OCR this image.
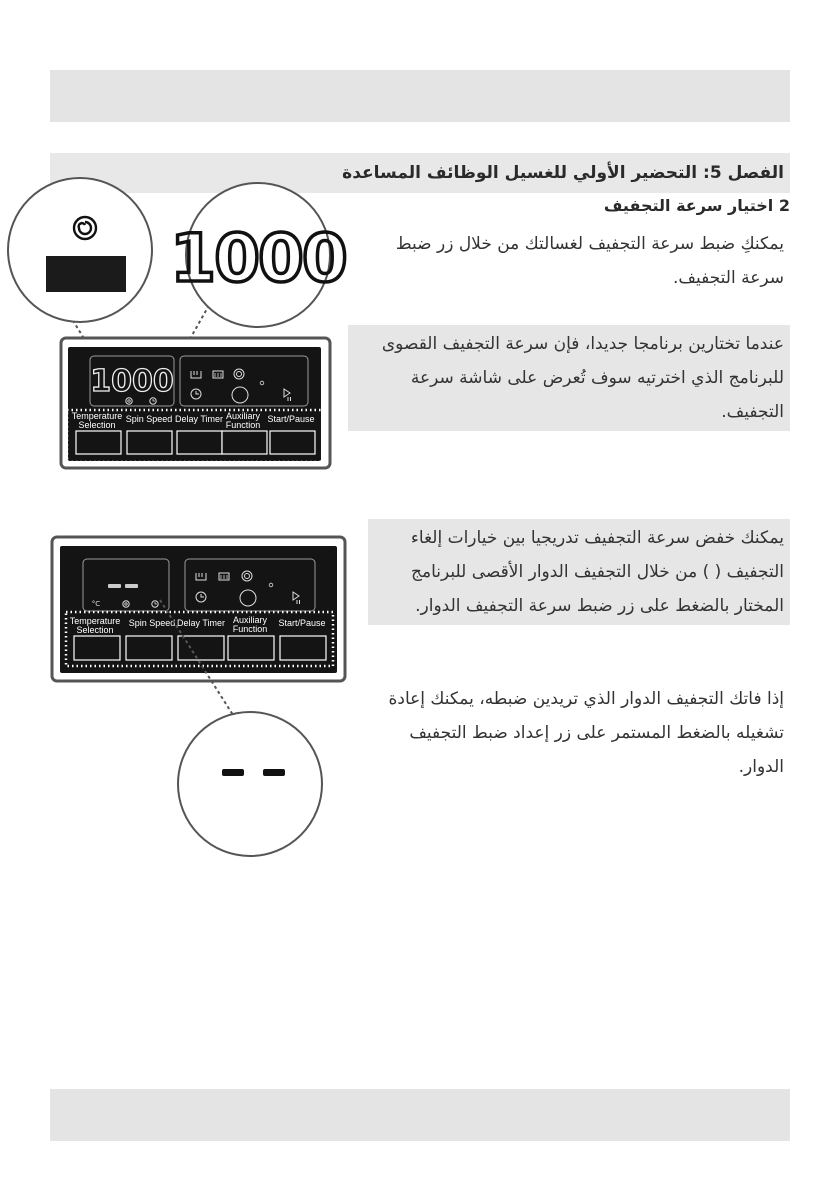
الفصل 5: التحضير الأولي للغسيل الوظائف المساعدة
2 اختيار سرعة التجفيف
يمكنكِ ضبط سرعة التجفيف لغسالتك من خلال زر ضبط سرعة التجفيف.
عندما تختارين برنامجا جديدا، فإن سرعة التجفيف القصوى للبرنامج الذي اخترتيه سوف تُعرض على شاشة سرعة التجفيف.
يمكنك خفض سرعة التجفيف تدريجيا بين خيارات إلغاء التجفيف ( ) من خلال التجفيف الدوار الأقصى للبرنامج المختار بالضغط على زر ضبط سرعة التجفيف الدوار.
إذا فاتك التجفيف الدوار الذي تريدين ضبطه، يمكنك إعادة تشغيله بالضغط المستمر على زر إعداد ضبط التجفيف الدوار.
1000
1000
Temperature
Selection
Spin Speed Delay Timer Auxiliary
Function
Start/Pause
°C
Temperature
Selection
Spin Speed Delay Timer Auxiliary
Function
Start/Pause
